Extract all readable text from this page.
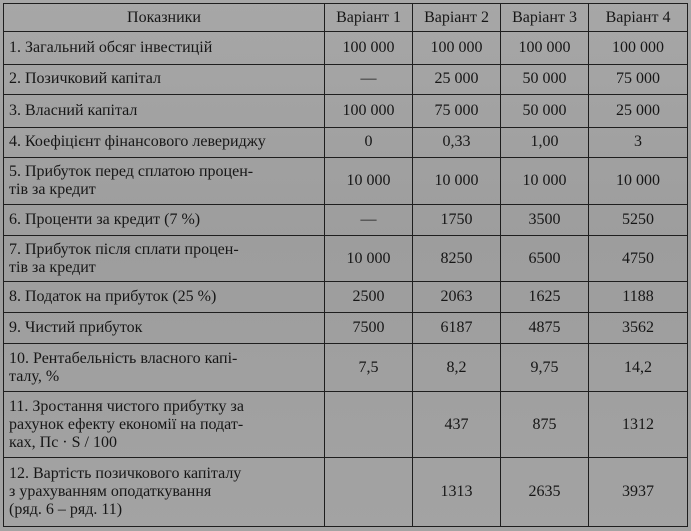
Показники	Варіант 1	Варіант 2	Варіант 3	Варіант 4
1. Загальний обсяг інвестицій	100 000	100 000	100 000	100 000
2. Позичковий капітал	—	25 000	50 000	75 000
3. Власний капітал	100 000	75 000	50 000	25 000
4. Коефіцієнт фінансового левериджу	0	0,33	1,00	3
5. Прибуток перед сплатою процен-
тів за кредит	10 000	10 000	10 000	10 000
6. Проценти за кредит (7 %)	—	1750	3500	5250
7. Прибуток після сплати процен-
тів за кредит	10 000	8250	6500	4750
8. Податок на прибуток (25 %)	2500	2063	1625	1188
9. Чистий прибуток	7500	6187	4875	3562
10. Рентабельність власного капі-
талу, %	7,5	8,2	9,75	14,2
11. Зростання чистого прибутку за
рахунок ефекту економії на подат-
ках, Пс · S / 100		437	875	1312
12. Вартість позичкового капіталу
з урахуванням оподаткування
(ряд. 6 – ряд. 11)		1313	2635	3937
